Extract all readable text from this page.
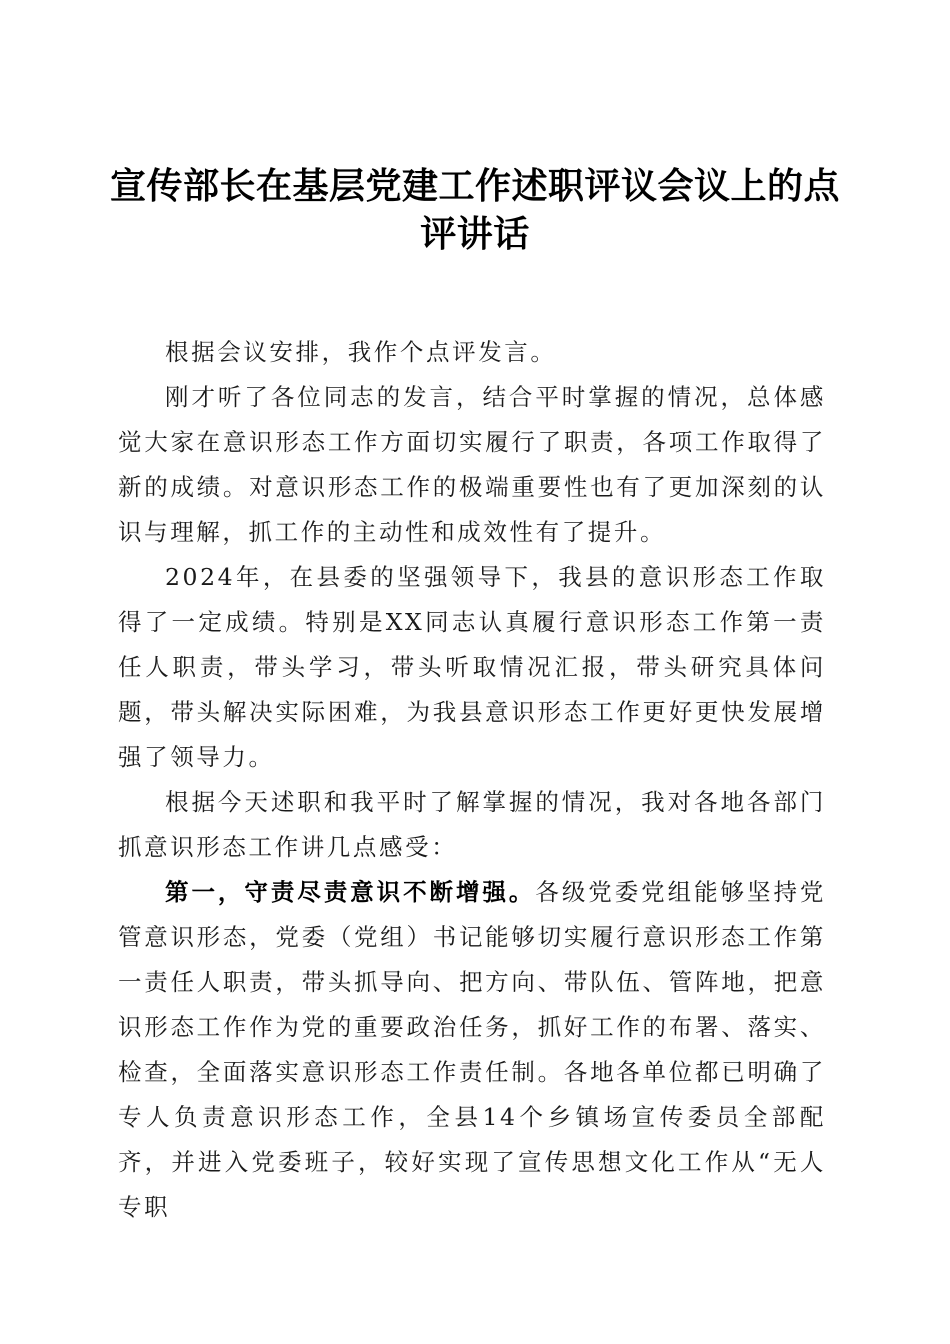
宣传部长在基层党建工作述职评议会议上的点评讲话

根据会议安排，我作个点评发言。

刚才听了各位同志的发言，结合平时掌握的情况，总体感觉大家在意识形态工作方面切实履行了职责，各项工作取得了新的成绩。对意识形态工作的极端重要性也有了更加深刻的认识与理解，抓工作的主动性和成效性有了提升。

2024年，在县委的坚强领导下，我县的意识形态工作取得了一定成绩。特别是XX同志认真履行意识形态工作第一责任人职责，带头学习，带头听取情况汇报，带头研究具体问题，带头解决实际困难，为我县意识形态工作更好更快发展增强了领导力。

根据今天述职和我平时了解掌握的情况，我对各地各部门抓意识形态工作讲几点感受：

第一，守责尽责意识不断增强。各级党委党组能够坚持党管意识形态，党委（党组）书记能够切实履行意识形态工作第一责任人职责，带头抓导向、把方向、带队伍、管阵地，把意识形态工作作为党的重要政治任务，抓好工作的布署、落实、检查，全面落实意识形态工作责任制。各地各单位都已明确了专人负责意识形态工作，全县14个乡镇场宣传委员全部配齐，并进入党委班子，较好实现了宣传思想文化工作从“无人专职
